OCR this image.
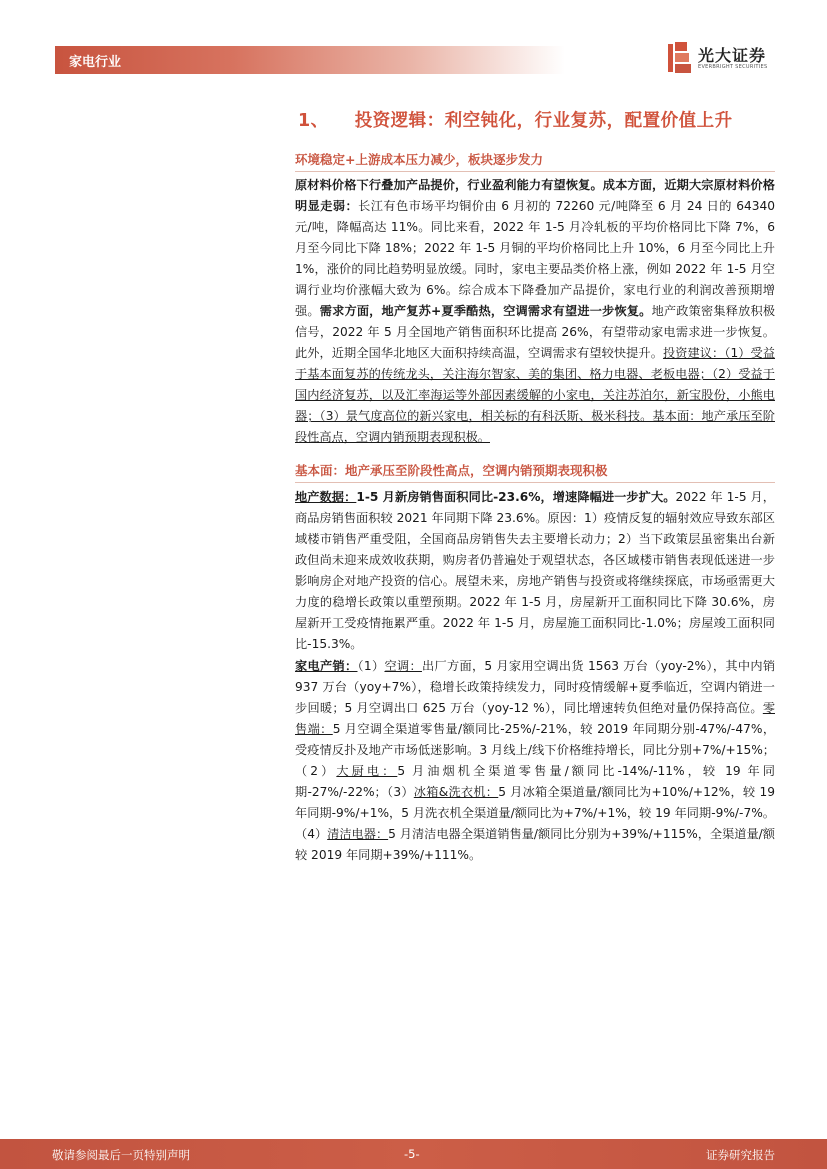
家电行业	光大证券
EVERBRIGHT SECURITIES
1、 投资逻辑：利空钝化，行业复苏，配置价值上升
环境稳定+上游成本压力减少，板块逐步发力

原材料价格下行叠加产品提价，行业盈利能力有望恢复。成本方面，近期大宗原材料价格明显走弱：长江有色市场平均铜价由 6 月初的 72260 元/吨降至 6 月 24 日的 64340 元/吨，降幅高达 11%。同比来看，2022 年 1-5 月冷轧板的平均价格同比下降 7%，6 月至今同比下降 18%；2022 年 1-5 月铜的平均价格同比上升 10%，6 月至今同比上升 1%，涨价的同比趋势明显放缓。同时，家电主要品类价格上涨，例如 2022 年 1-5 月空调行业均价涨幅大致为 6%。综合成本下降叠加产品提价，家电行业的利润改善预期增强。需求方面，地产复苏+夏季酷热，空调需求有望进一步恢复。地产政策密集释放积极信号，2022 年 5 月全国地产销售面积环比提高 26%，有望带动家电需求进一步恢复。此外，近期全国华北地区大面积持续高温，空调需求有望较快提升。投资建议：（1）受益于基本面复苏的传统龙头，关注海尔智家、美的集团、格力电器、老板电器；（2）受益于国内经济复苏，以及汇率海运等外部因素缓解的小家电，关注苏泊尔，新宝股份，小熊电器；（3）景气度高位的新兴家电，相关标的有科沃斯、极米科技。基本面：地产承压至阶段性高点，空调内销预期表现积极。

基本面：地产承压至阶段性高点，空调内销预期表现积极

地产数据：1-5 月新房销售面积同比-23.6%，增速降幅进一步扩大。2022 年 1-5 月，商品房销售面积较 2021 年同期下降 23.6%。原因：1）疫情反复的辐射效应导致东部区域楼市销售严重受阻，全国商品房销售失去主要增长动力；2）当下政策层虽密集出台新政但尚未迎来成效收获期，购房者仍普遍处于观望状态，各区域楼市销售表现低迷进一步影响房企对地产投资的信心。展望未来，房地产销售与投资或将继续探底，市场亟需更大力度的稳增长政策以重塑预期。2022 年 1-5 月，房屋新开工面积同比下降 30.6%，房屋新开工受疫情拖累严重。2022 年 1-5 月，房屋施工面积同比-1.0%；房屋竣工面积同比-15.3%。

家电产销：（1）空调：出厂方面，5 月家用空调出货 1563 万台（yoy-2%），其中内销 937 万台（yoy+7%），稳增长政策持续发力，同时疫情缓解+夏季临近，空调内销进一步回暖；5 月空调出口 625 万台（yoy-12 %），同比增速转负但绝对量仍保持高位。零售端：5 月空调全渠道零售量/额同比-25%/-21%，较 2019 年同期分别-47%/-47%，受疫情反扑及地产市场低迷影响。3 月线上/线下价格维持增长，同比分别+7%/+15%；（2）大厨电：5 月油烟机全渠道零售量/额同比-14%/-11%，较 19 年同期-27%/-22%；（3）冰箱&洗衣机：5 月冰箱全渠道量/额同比为+10%/+12%，较 19 年同期-9%/+1%，5 月洗衣机全渠道量/额同比为+7%/+1%，较 19 年同期-9%/-7%。（4）清洁电器：5 月清洁电器全渠道销售量/额同比分别为+39%/+115%，全渠道量/额较 2019 年同期+39%/+111%。

敬请参阅最后一页特别声明	-5-	证券研究报告
